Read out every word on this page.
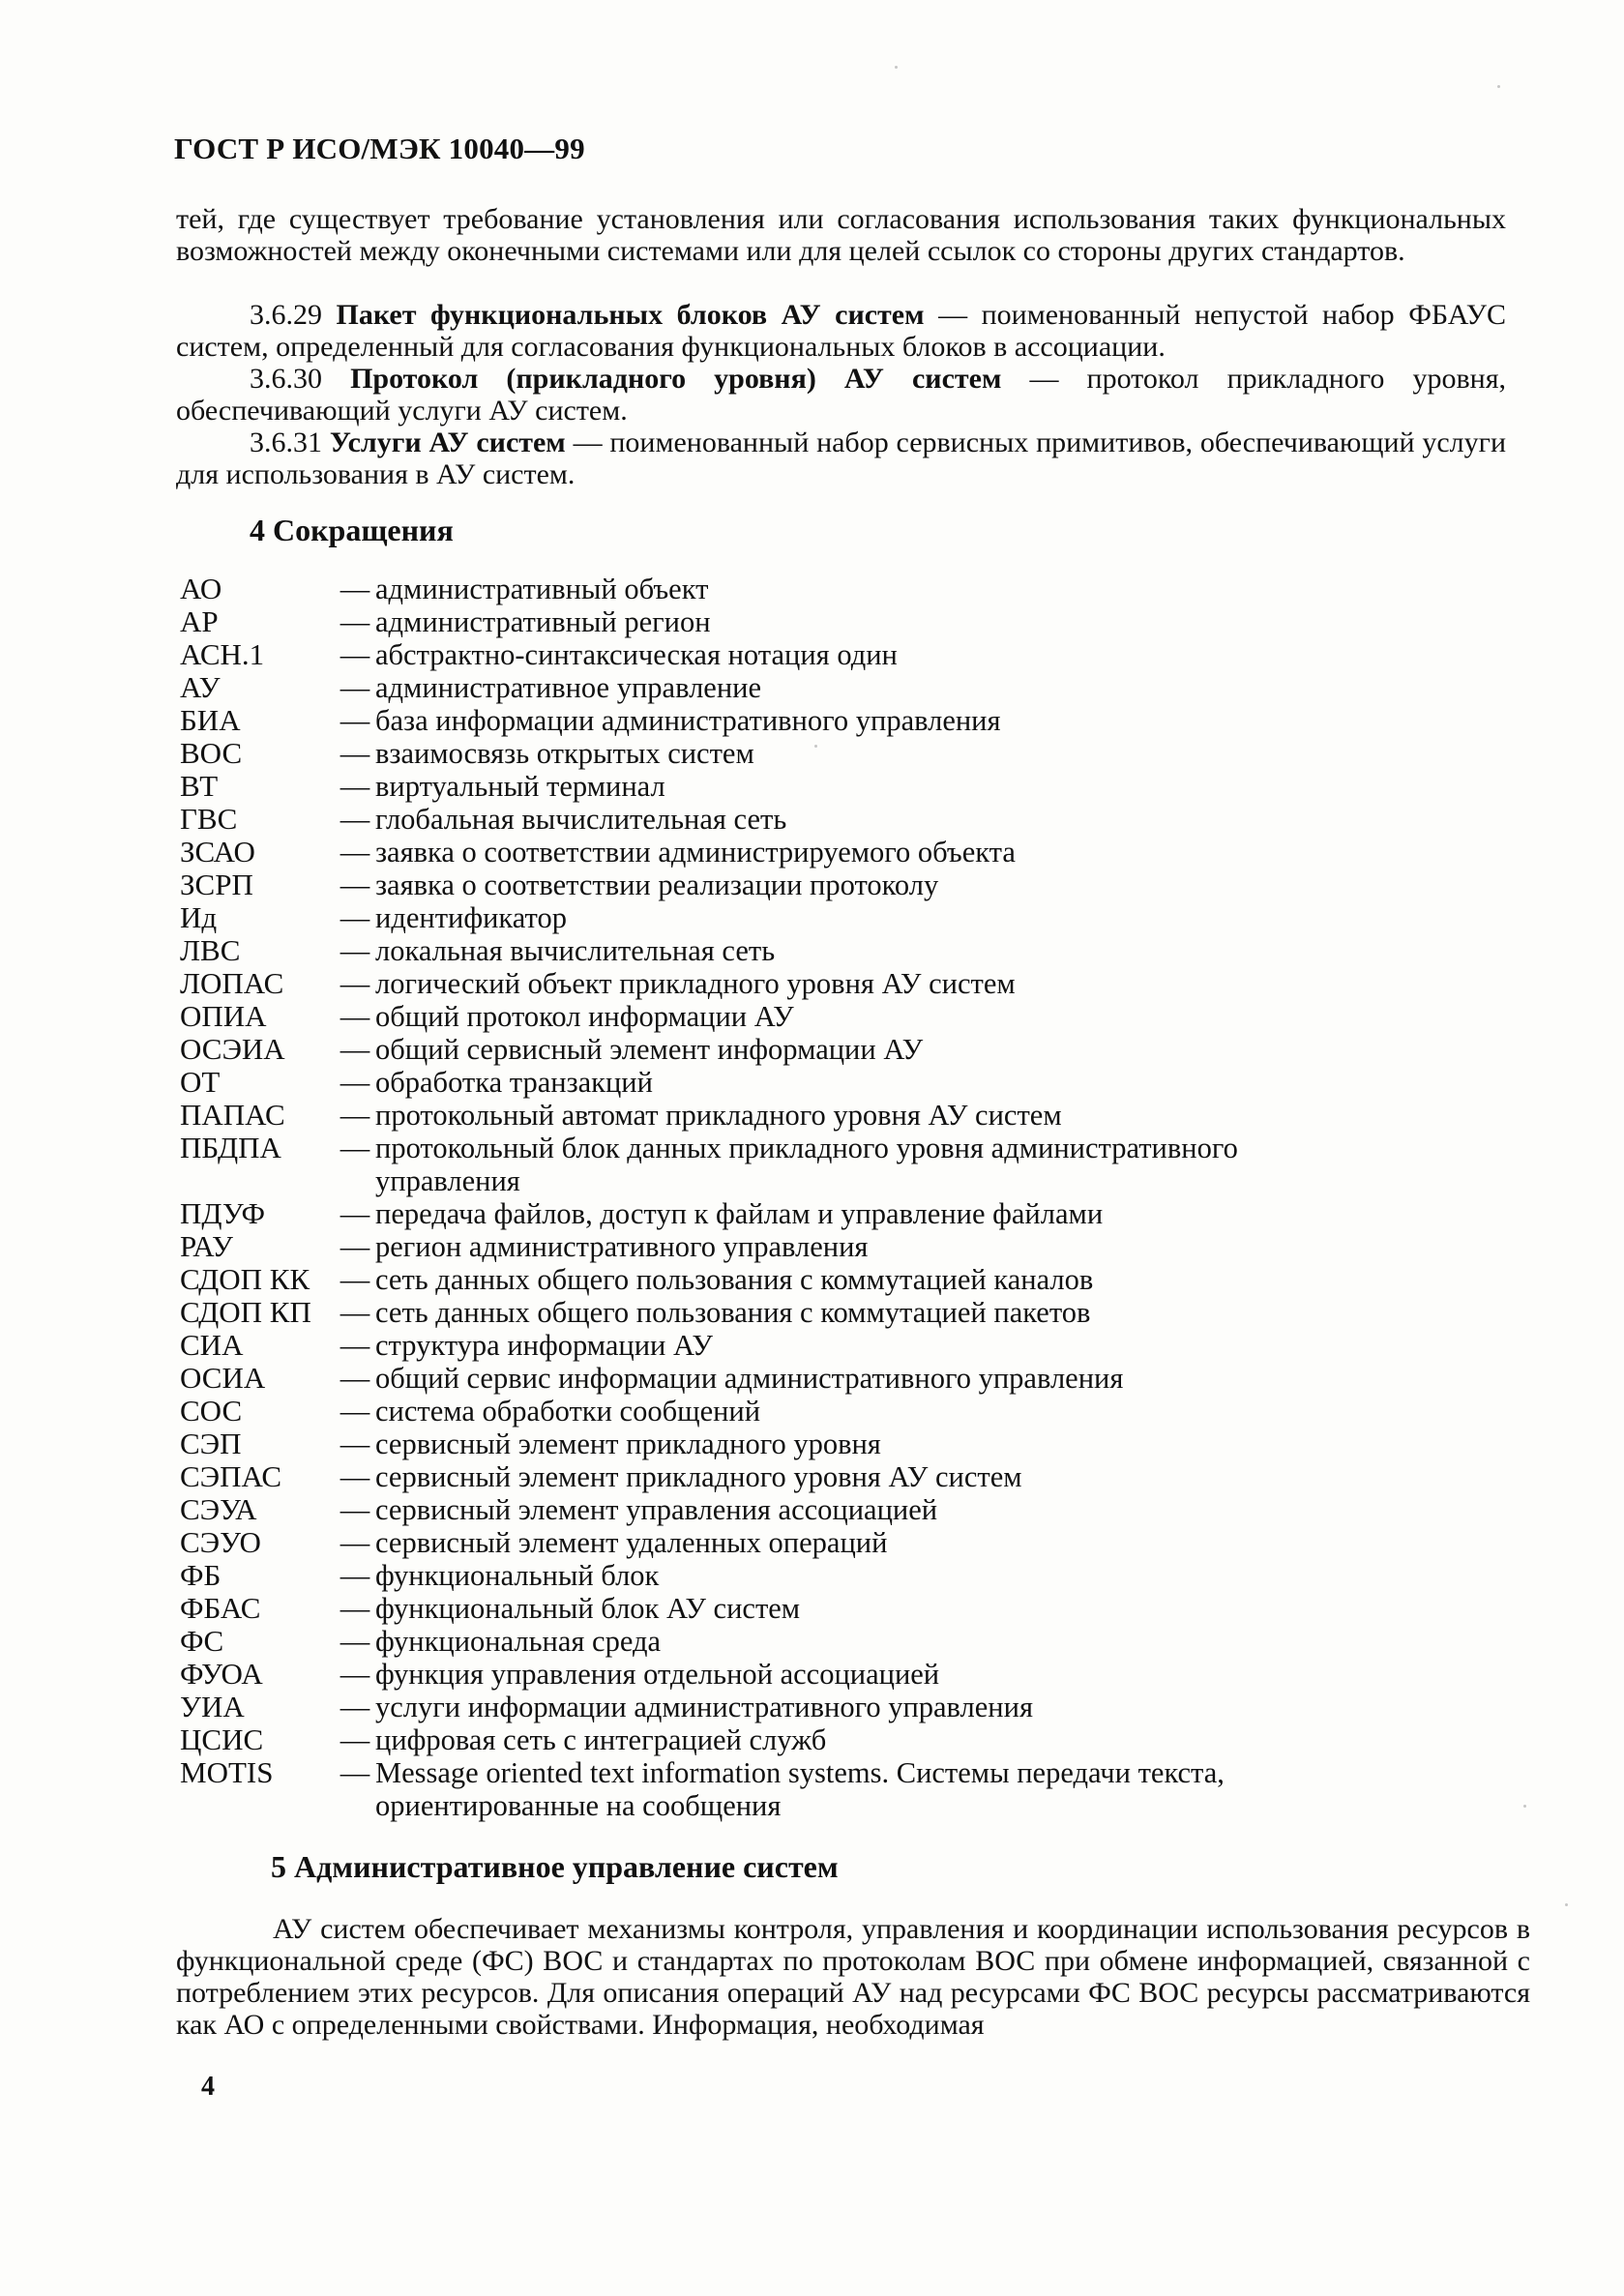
ГОСТ Р ИСО/МЭК 10040—99
тей, где существует требование установления или согласования использования таких функциональных возможностей между оконечными системами или для целей ссылок со стороны других стандартов.
3.6.29 Пакет функциональных блоков АУ систем — поименованный непустой набор ФБАУС систем, определенный для согласования функциональных блоков в ассоциации.
3.6.30 Протокол (прикладного уровня) АУ систем — протокол прикладного уровня, обеспечивающий услуги АУ систем.
3.6.31 Услуги АУ систем — поименованный набор сервисных примитивов, обеспечивающий услуги для использования в АУ систем.
4 Сокращения
АО	— административный объект
АР	— административный регион
АСН.1	— абстрактно-синтаксическая нотация один
АУ	— административное управление
БИА	— база информации административного управления
ВОС	— взаимосвязь открытых систем
ВТ	— виртуальный терминал
ГВС	— глобальная вычислительная сеть
ЗСАО	— заявка о соответствии администрируемого объекта
ЗСРП	— заявка о соответствии реализации протоколу
Ид	— идентификатор
ЛВС	— локальная вычислительная сеть
ЛОПАС	— логический объект прикладного уровня АУ систем
ОПИА	— общий протокол информации АУ
ОСЭИА	— общий сервисный элемент информации АУ
ОТ	— обработка транзакций
ПАПАС	— протокольный автомат прикладного уровня АУ систем
ПБДПА	— протокольный блок данных прикладного уровня административного
управления
ПДУФ	— передача файлов, доступ к файлам и управление файлами
РАУ	— регион административного управления
СДОП КК	— сеть данных общего пользования с коммутацией каналов
СДОП КП — сеть данных общего пользования с коммутацией пакетов
СИА	— структура информации АУ
ОСИА	— общий сервис информации административного управления
СОС	— система обработки сообщений
СЭП	— сервисный элемент прикладного уровня
СЭПАС	— сервисный элемент прикладного уровня АУ систем
СЭУА	— сервисный элемент управления ассоциацией
СЭУО	— сервисный элемент удаленных операций
ФБ	— функциональный блок
ФБАС	— функциональный блок АУ систем
ФС	— функциональная среда
ФУОА	— функция управления отдельной ассоциацией
УИА	— услуги информации административного управления
ЦСИС	— цифровая сеть с интеграцией служб
MOTIS	— Message oriented text information systems. Системы передачи текста,
ориентированные на сообщения
5 Административное управление систем
АУ систем обеспечивает механизмы контроля, управления и координации использования ресурсов в функциональной среде (ФС) ВОС и стандартах по протоколам ВОС при обмене информацией, связанной с потреблением этих ресурсов. Для описания операций АУ над ресурсами ФС ВОС ресурсы рассматриваются как АО с определенными свойствами. Информация, необходимая
4
